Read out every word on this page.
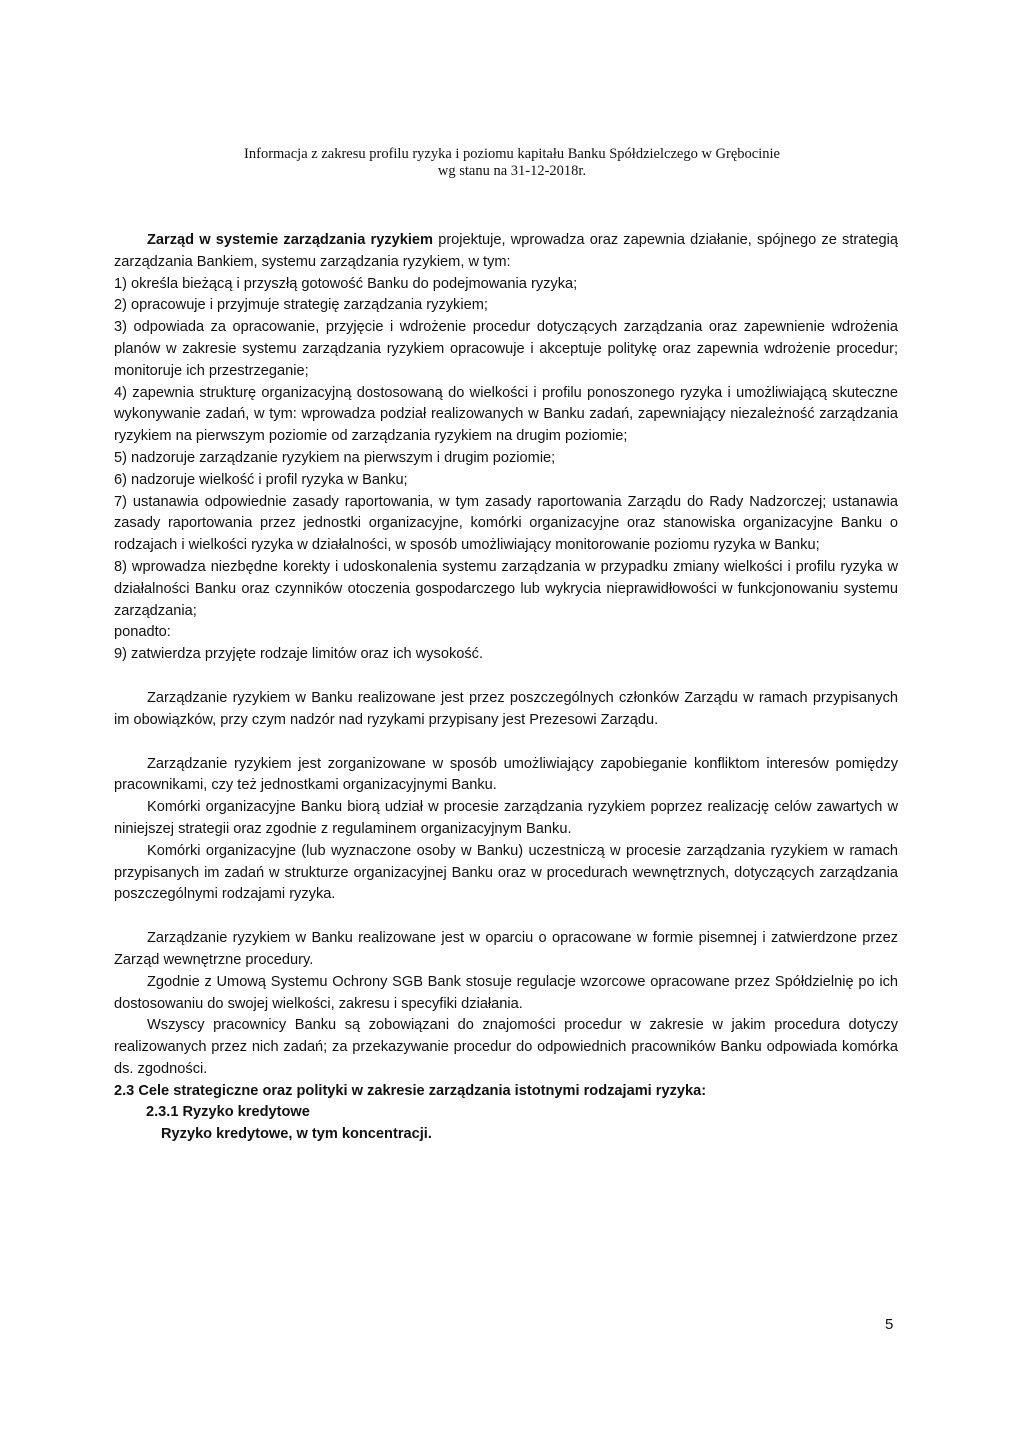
Informacja z zakresu profilu ryzyka i poziomu kapitału Banku Spółdzielczego w Grębocinie
wg stanu na 31-12-2018r.

Zarząd w systemie zarządzania ryzykiem projektuje, wprowadza oraz zapewnia działanie, spójnego ze strategią zarządzania Bankiem, systemu zarządzania ryzykiem, w tym:

1) określa bieżącą i przyszłą gotowość Banku do podejmowania ryzyka;

2) opracowuje i przyjmuje strategię zarządzania ryzykiem;

3) odpowiada za opracowanie, przyjęcie i wdrożenie procedur dotyczących zarządzania oraz zapewnienie wdrożenia planów w zakresie systemu zarządzania ryzykiem opracowuje i akceptuje politykę oraz zapewnia wdrożenie procedur; monitoruje ich przestrzeganie;

4) zapewnia strukturę organizacyjną dostosowaną do wielkości i profilu ponoszonego ryzyka i umożliwiającą skuteczne wykonywanie zadań, w tym: wprowadza podział realizowanych w Banku zadań, zapewniający niezależność zarządzania ryzykiem na pierwszym poziomie od zarządzania ryzykiem na drugim poziomie;

5) nadzoruje zarządzanie ryzykiem na pierwszym i drugim poziomie;

6) nadzoruje wielkość i profil ryzyka w Banku;

7) ustanawia odpowiednie zasady raportowania, w tym zasady raportowania Zarządu do Rady Nadzorczej; ustanawia zasady raportowania przez jednostki organizacyjne, komórki organizacyjne oraz stanowiska organizacyjne Banku o rodzajach i wielkości ryzyka w działalności, w sposób umożliwiający monitorowanie poziomu ryzyka w Banku;

8) wprowadza niezbędne korekty i udoskonalenia systemu zarządzania w przypadku zmiany wielkości i profilu ryzyka w działalności Banku oraz czynników otoczenia gospodarczego lub wykrycia nieprawidłowości w funkcjonowaniu systemu zarządzania;

ponadto:

9) zatwierdza przyjęte rodzaje limitów oraz ich wysokość.

Zarządzanie ryzykiem w Banku realizowane jest przez poszczególnych członków Zarządu w ramach przypisanych im obowiązków, przy czym nadzór nad ryzykami przypisany jest Prezesowi Zarządu.

Zarządzanie ryzykiem jest zorganizowane w sposób umożliwiający zapobieganie konfliktom interesów pomiędzy pracownikami, czy też jednostkami organizacyjnymi Banku.

Komórki organizacyjne Banku biorą udział w procesie zarządzania ryzykiem poprzez realizację celów zawartych w niniejszej strategii oraz zgodnie z regulaminem organizacyjnym Banku.

Komórki organizacyjne (lub wyznaczone osoby w Banku) uczestniczą w procesie zarządzania ryzykiem w ramach przypisanych im zadań w strukturze organizacyjnej Banku oraz w procedurach wewnętrznych, dotyczących zarządzania poszczególnymi rodzajami ryzyka.

Zarządzanie ryzykiem w Banku realizowane jest w oparciu o opracowane w formie pisemnej i zatwierdzone przez Zarząd wewnętrzne procedury.

Zgodnie z Umową Systemu Ochrony SGB Bank stosuje regulacje wzorcowe opracowane przez Spółdzielnię po ich dostosowaniu do swojej wielkości, zakresu i specyfiki działania.

Wszyscy pracownicy Banku są zobowiązani do znajomości procedur w zakresie w jakim procedura dotyczy realizowanych przez nich zadań; za przekazywanie procedur do odpowiednich pracowników Banku odpowiada komórka ds. zgodności.

2.3 Cele strategiczne oraz polityki w zakresie zarządzania istotnymi rodzajami ryzyka:

2.3.1 Ryzyko kredytowe

Ryzyko kredytowe, w tym koncentracji.

5
